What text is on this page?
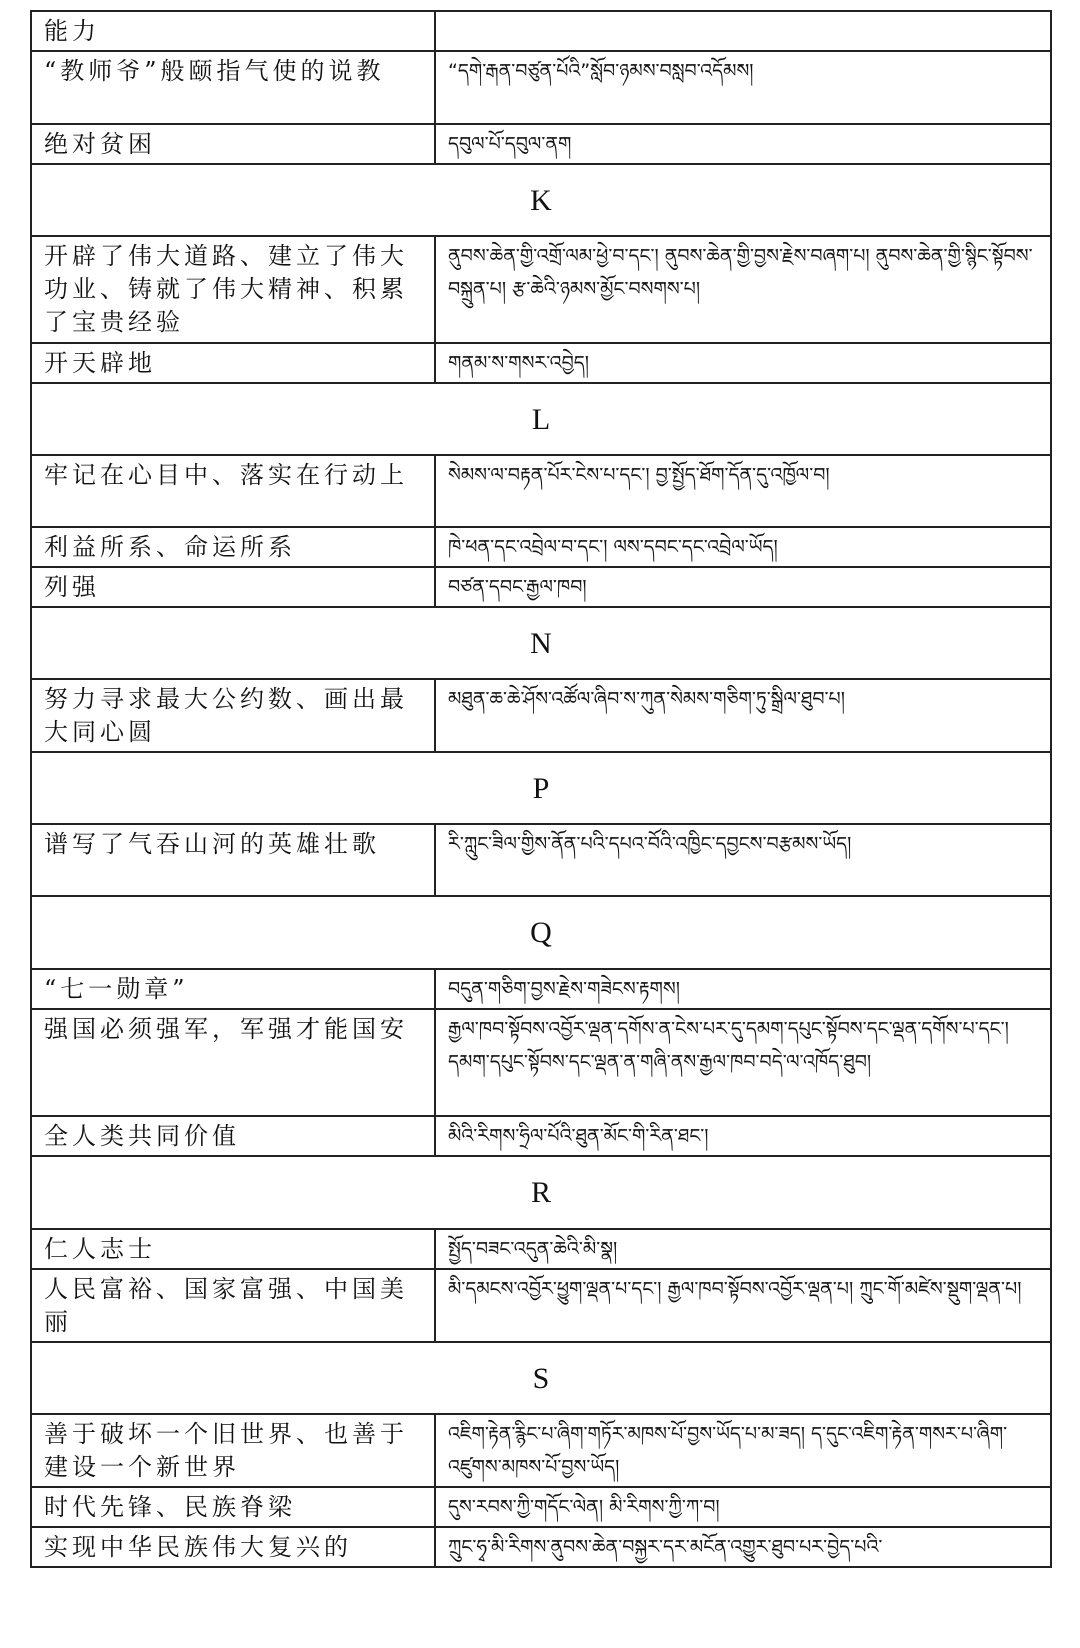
能力	
“教师爷”般颐指气使的说教	“དགེ་རྒན་བཙུན་པོའི”སློབ་ཉམས་བསླབ་འདོམས།
绝对贫困	དབུལ་པོ་དབུལ་ནག
K	
开辟了伟大道路、建立了伟大功业、铸就了伟大精神、积累了宝贵经验	ནུབས་ཆེན་གྱི་འགྲོ་ལམ་ཕྱེ་བ་དང་། ནུབས་ཆེན་གྱི་བྱས་རྗེས་བཞག་པ། ནུབས་ཆེན་གྱི་སྙིང་སྟོབས་བསྐྲུན་པ། རྩ་ཆེའི་ཉམས་མྱོང་བསགས་པ།
开天辟地	གནམ་ས་གསར་འབྱེད།
L	
牢记在心目中、落实在行动上	སེམས་ལ་བརྟན་པོར་ངེས་པ་དང་། བྱ་སྤྱོད་ཐོག་དོན་དུ་འཁྱོལ་བ།
利益所系、命运所系	ཁེ་ཕན་དང་འབྲེལ་བ་དང་། ལས་དབང་དང་འབྲེལ་ཡོད།
列强	བཙན་དབང་རྒྱལ་ཁབ།
N	
努力寻求最大公约数、画出最大同心圆	མཐུན་ཆ་ཆེ་ཤོས་འཚོལ་ཞིབ་ས་ཀུན་སེམས་གཅིག་ཏུ་སྒྲིལ་ཐུབ་པ།
P	
谱写了气吞山河的英雄壮歌	རི་ཀླུང་ཟིལ་གྱིས་ནོན་པའི་དཔའ་བོའི་འཁྱིང་དབྱངས་བརྩམས་ཡོད།
Q	
“七一勋章”	བདུན་གཅིག་བྱས་རྗེས་གཟེངས་རྟགས།
强国必须强军，军强才能国安	རྒྱལ་ཁབ་སྟོབས་འབྱོར་ལྡན་དགོས་ན་ངེས་པར་དུ་དམག་དཔུང་སྟོབས་དང་ལྡན་དགོས་པ་དང་། དམག་དཔུང་སྟོབས་དང་ལྡན་ན་གཞི་ནས་རྒྱལ་ཁབ་བདེ་ལ་འཁོད་ཐུབ།
全人类共同价值	མིའི་རིགས་ཧྲིལ་པོའི་ཐུན་མོང་གི་རིན་ཐང་།
R	
仁人志士	སྤྱོད་བཟང་འདུན་ཆེའི་མི་སྣ།
人民富裕、国家富强、中国美丽	མི་དམངས་འབྱོར་ཕྱུག་ལྡན་པ་དང་། རྒྱལ་ཁབ་སྟོབས་འབྱོར་ལྡན་པ། ཀྲུང་གོ་མཛེས་སྡུག་ལྡན་པ།
S	
善于破坏一个旧世界、也善于建设一个新世界	འཇིག་རྟེན་རྙིང་པ་ཞིག་གཏོར་མཁས་པོ་བྱས་ཡོད་པ་མ་ཟད། ད་དུང་འཇིག་རྟེན་གསར་པ་ཞིག་འཛུགས་མཁས་པོ་བྱས་ཡོད།
时代先锋、民族脊梁	དུས་རབས་ཀྱི་གདོང་ལེན། མི་རིགས་ཀྱི་ཀ་བ།
实现中华民族伟大复兴的	ཀྲུང་ཧྭ་མི་རིགས་ནུབས་ཆེན་བསྐྱར་དར་མངོན་འགྱུར་ཐུབ་པར་བྱེད་པའི་
